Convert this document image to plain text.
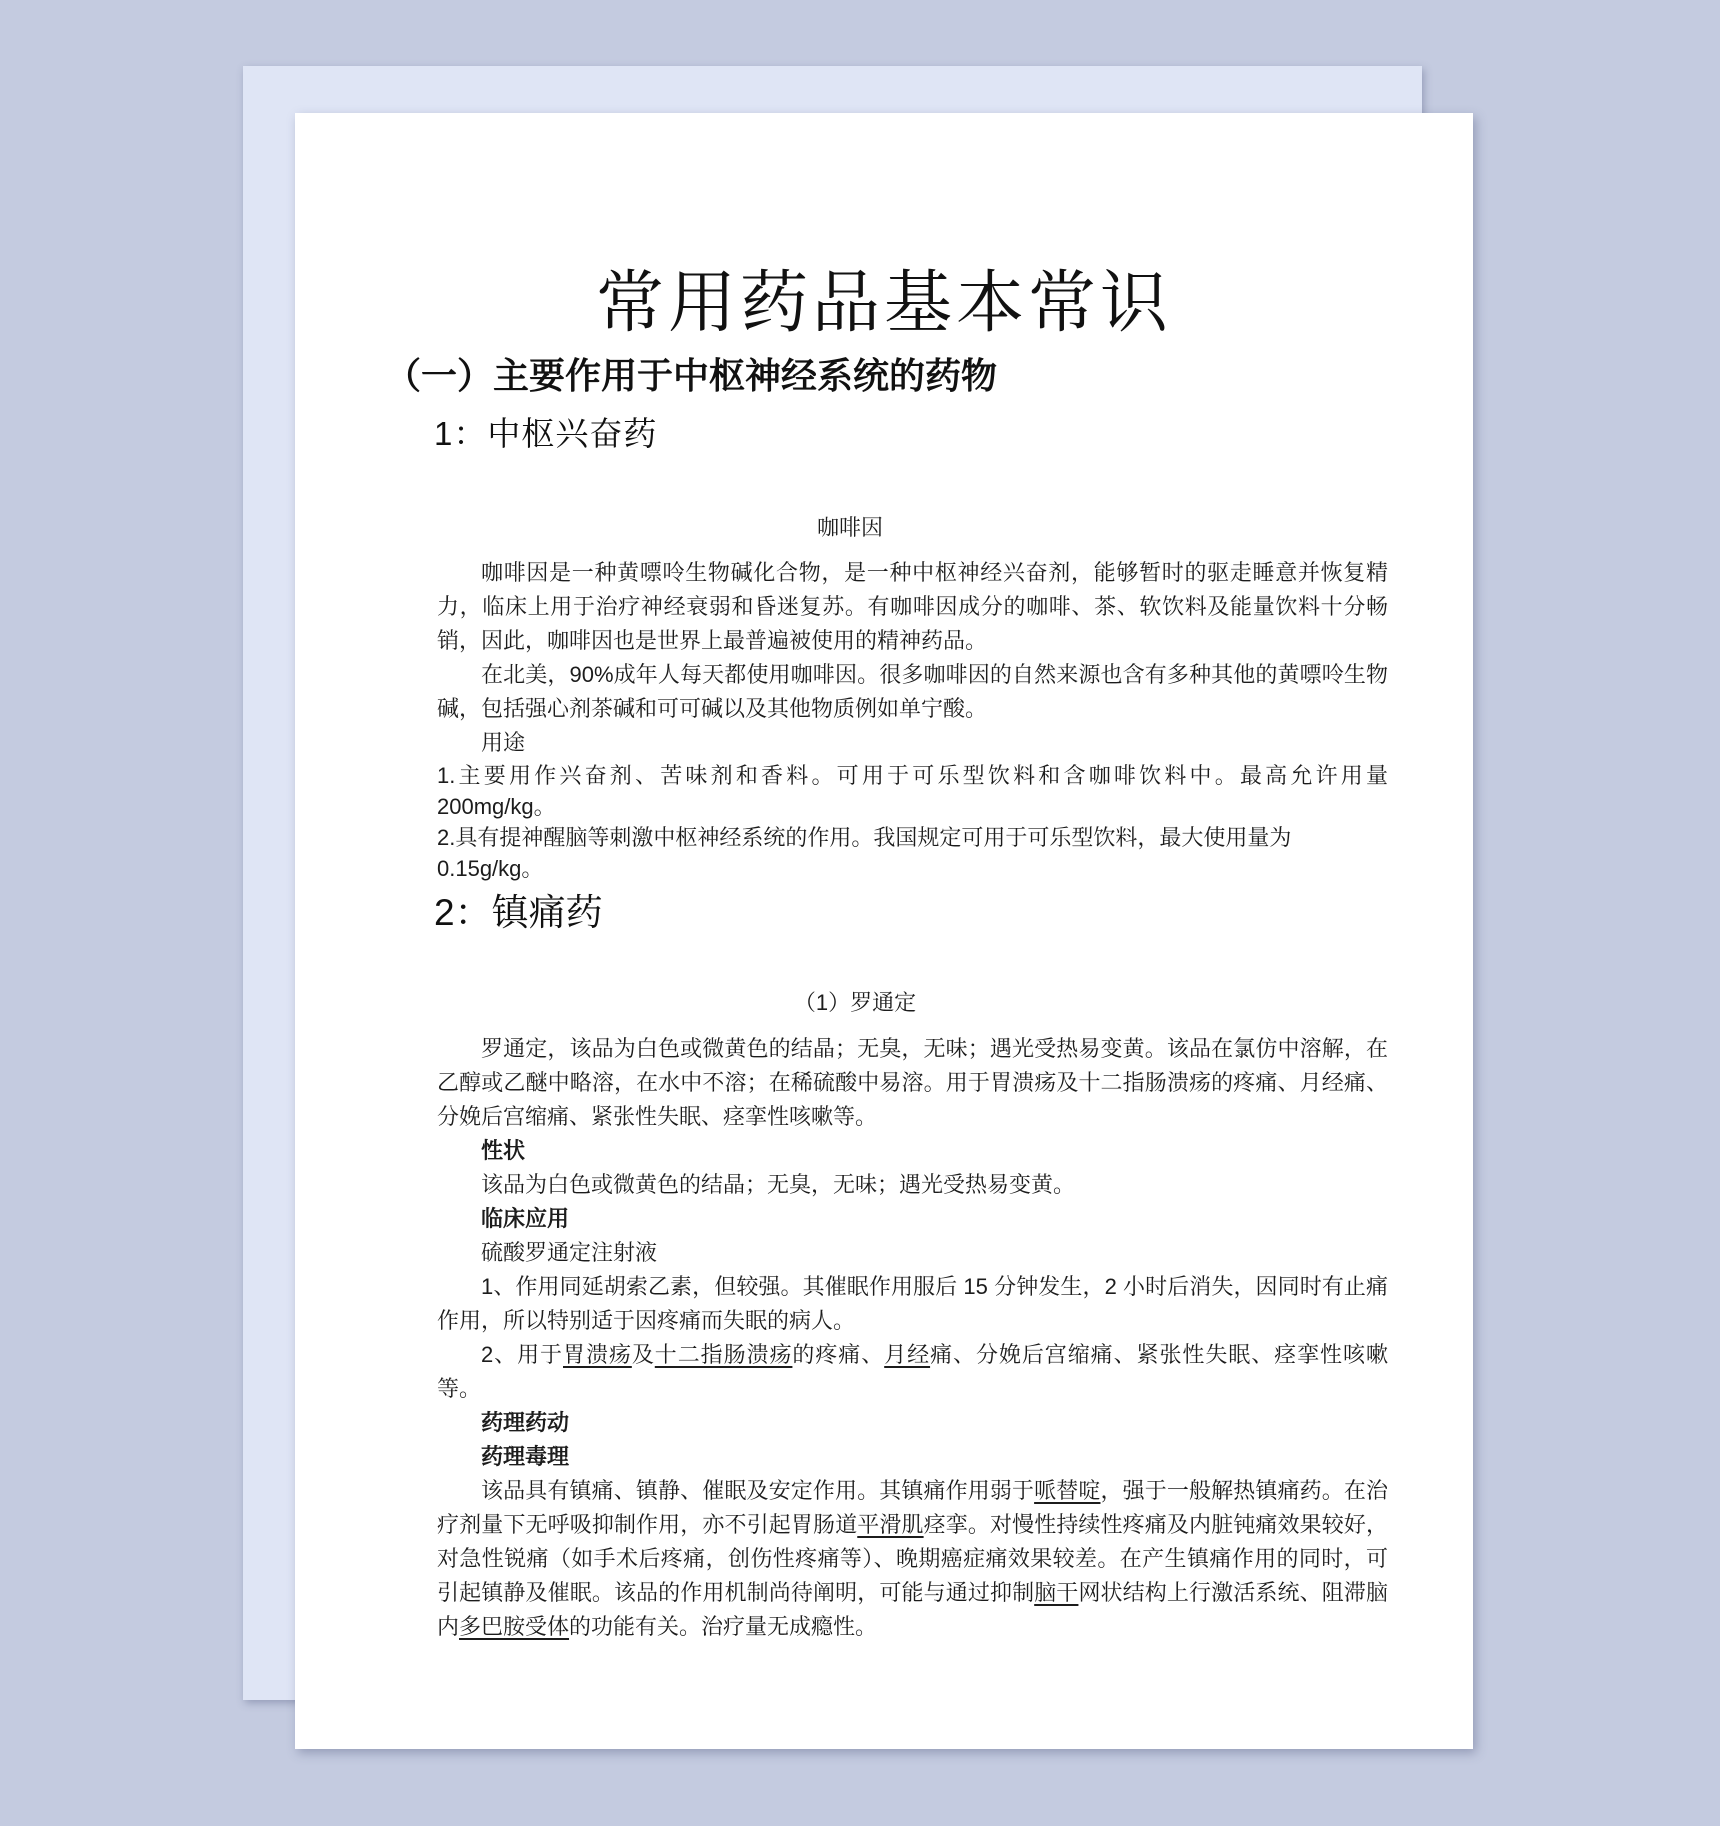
常用药品基本常识
（一）主要作用于中枢神经系统的药物
1：中枢兴奋药
咖啡因

咖啡因是一种黄嘌呤生物碱化合物，是一种中枢神经兴奋剂，能够暂时的驱走睡意并恢复精力，临床上用于治疗神经衰弱和昏迷复苏。有咖啡因成分的咖啡、茶、软饮料及能量饮料十分畅销，因此，咖啡因也是世界上最普遍被使用的精神药品。

在北美，90%成年人每天都使用咖啡因。很多咖啡因的自然来源也含有多种其他的黄嘌呤生物碱，包括强心剂茶碱和可可碱以及其他物质例如单宁酸。

用途

1.主要用作兴奋剂、苦味剂和香料。可用于可乐型饮料和含咖啡饮料中。最高允许用量 200mg/kg。

2.具有提神醒脑等刺激中枢神经系统的作用。我国规定可用于可乐型饮料，最大使用量为0.15g/kg。

2：镇痛药
（1）罗通定

罗通定，该品为白色或微黄色的结晶；无臭，无味；遇光受热易变黄。该品在氯仿中溶解，在乙醇或乙醚中略溶，在水中不溶；在稀硫酸中易溶。用于胃溃疡及十二指肠溃疡的疼痛、月经痛、分娩后宫缩痛、紧张性失眠、痉挛性咳嗽等。

性状

该品为白色或微黄色的结晶；无臭，无味；遇光受热易变黄。

临床应用

硫酸罗通定注射液

1、作用同延胡索乙素，但较强。其催眠作用服后 15 分钟发生，2 小时后消失，因同时有止痛作用，所以特别适于因疼痛而失眠的病人。

2、用于胃溃疡及十二指肠溃疡的疼痛、月经痛、分娩后宫缩痛、紧张性失眠、痉挛性咳嗽等。

药理药动

药理毒理

该品具有镇痛、镇静、催眠及安定作用。其镇痛作用弱于哌替啶，强于一般解热镇痛药。在治疗剂量下无呼吸抑制作用，亦不引起胃肠道平滑肌痉挛。对慢性持续性疼痛及内脏钝痛效果较好，对急性锐痛（如手术后疼痛，创伤性疼痛等）、晚期癌症痛效果较差。在产生镇痛作用的同时，可引起镇静及催眠。该品的作用机制尚待阐明，可能与通过抑制脑干网状结构上行激活系统、阻滞脑内多巴胺受体的功能有关。治疗量无成瘾性。
